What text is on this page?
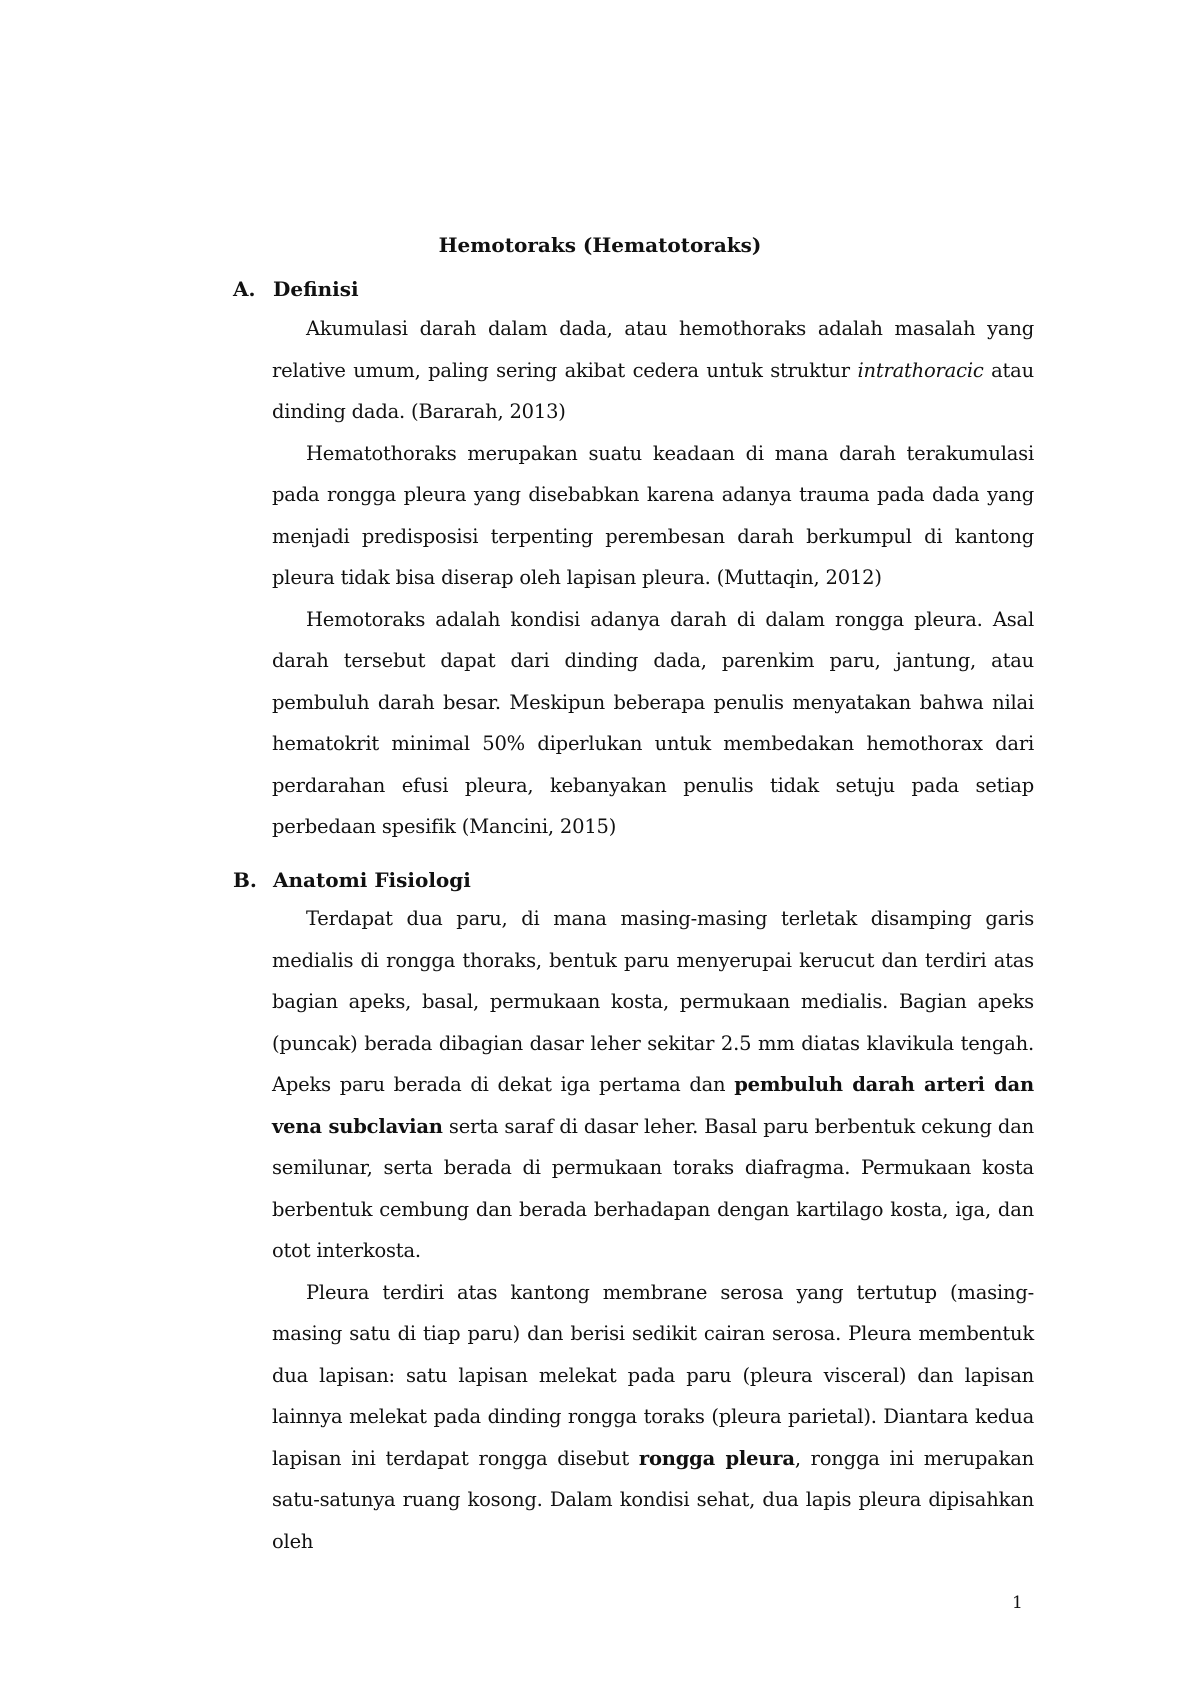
Hemotoraks (Hematotoraks)
A. Definisi

Akumulasi darah dalam dada, atau hemothoraks adalah masalah yang relative umum, paling sering akibat cedera untuk struktur intrathoracic atau dinding dada. (Bararah, 2013)

Hematothoraks merupakan suatu keadaan di mana darah terakumulasi pada rongga pleura yang disebabkan karena adanya trauma pada dada yang menjadi predisposisi terpenting perembesan darah berkumpul di kantong pleura tidak bisa diserap oleh lapisan pleura. (Muttaqin, 2012)

Hemotoraks adalah kondisi adanya darah di dalam rongga pleura. Asal darah tersebut dapat dari dinding dada, parenkim paru, jantung, atau pembuluh darah besar. Meskipun beberapa penulis menyatakan bahwa nilai hematokrit minimal 50% diperlukan untuk membedakan hemothorax dari perdarahan efusi pleura, kebanyakan penulis tidak setuju pada setiap perbedaan spesifik (Mancini, 2015)

B. Anatomi Fisiologi

Terdapat dua paru, di mana masing-masing terletak disamping garis medialis di rongga thoraks, bentuk paru menyerupai kerucut dan terdiri atas bagian apeks, basal, permukaan kosta, permukaan medialis. Bagian apeks (puncak) berada dibagian dasar leher sekitar 2.5 mm diatas klavikula tengah. Apeks paru berada di dekat iga pertama dan pembuluh darah arteri dan vena subclavian serta saraf di dasar leher. Basal paru berbentuk cekung dan semilunar, serta berada di permukaan toraks diafragma. Permukaan kosta berbentuk cembung dan berada berhadapan dengan kartilago kosta, iga, dan otot interkosta.

Pleura terdiri atas kantong membrane serosa yang tertutup (masing-masing satu di tiap paru) dan berisi sedikit cairan serosa. Pleura membentuk dua lapisan: satu lapisan melekat pada paru (pleura visceral) dan lapisan lainnya melekat pada dinding rongga toraks (pleura parietal). Diantara kedua lapisan ini terdapat rongga disebut rongga pleura, rongga ini merupakan satu-satunya ruang kosong. Dalam kondisi sehat, dua lapis pleura dipisahkan oleh

1
